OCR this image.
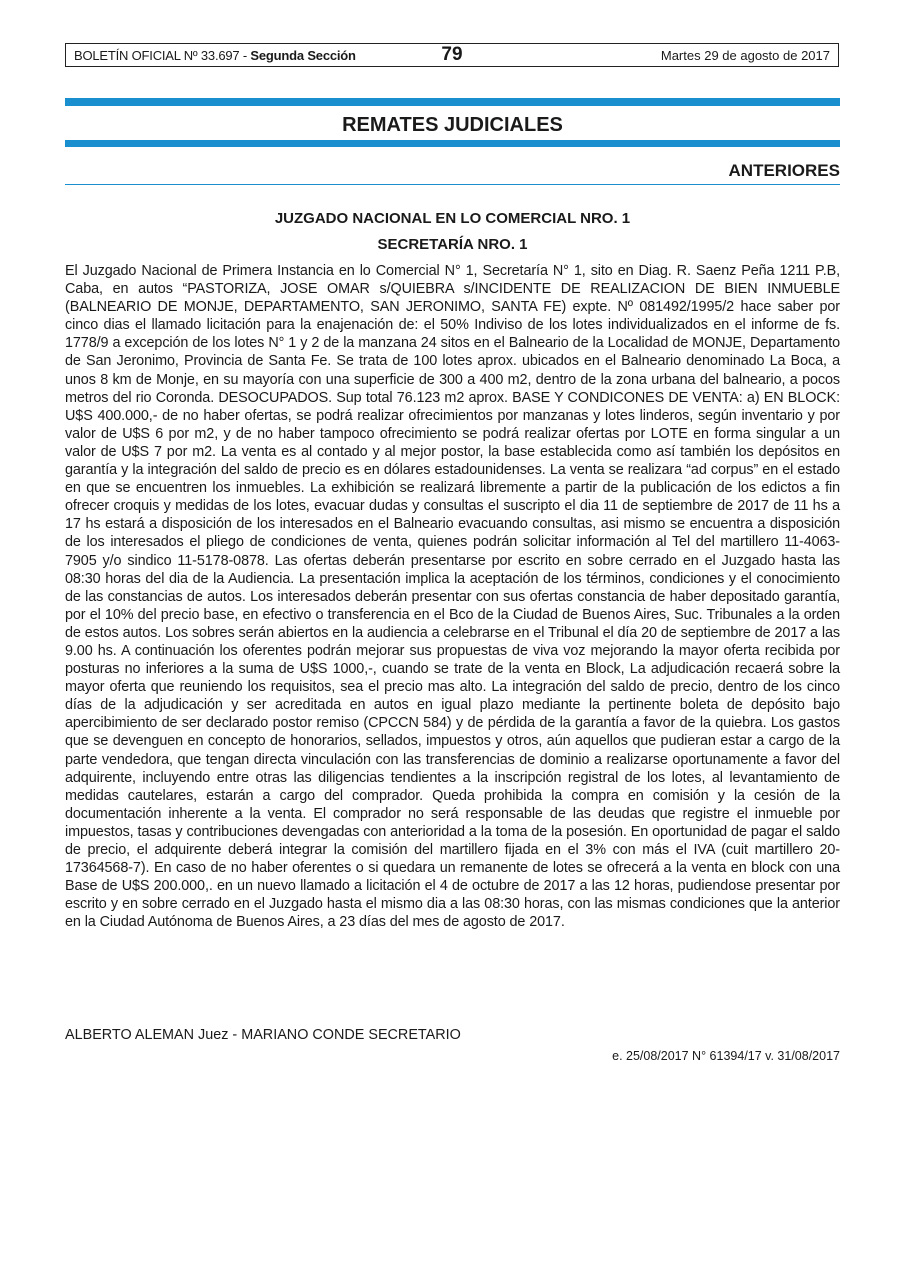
BOLETÍN OFICIAL Nº 33.697 - Segunda Sección	79	Martes 29 de agosto de 2017
REMATES JUDICIALES
ANTERIORES
JUZGADO NACIONAL EN LO COMERCIAL NRO. 1
SECRETARÍA NRO. 1
El Juzgado Nacional de Primera Instancia en lo Comercial N° 1, Secretaría N° 1, sito en Diag. R. Saenz Peña 1211 P.B, Caba, en autos “PASTORIZA, JOSE OMAR s/QUIEBRA s/INCIDENTE DE REALIZACION DE BIEN INMUEBLE (BALNEARIO DE MONJE, DEPARTAMENTO, SAN JERONIMO, SANTA FE) expte. Nº 081492/1995/2 hace saber por cinco dias el llamado licitación para la enajenación de: el 50% Indiviso de los lotes individualizados en el informe de fs. 1778/9 a excepción de los lotes N° 1 y 2 de la manzana 24 sitos en el Balneario de la Localidad de MONJE, Departamento de San Jeronimo, Provincia de Santa Fe. Se trata de 100 lotes aprox. ubicados en el Balneario denominado La Boca, a unos 8 km de Monje, en su mayoría con una superficie de 300 a 400 m2, dentro de la zona urbana del balneario, a pocos metros del rio Coronda. DESOCUPADOS. Sup total 76.123 m2 aprox. BASE Y CONDICONES DE VENTA: a) EN BLOCK: U$S 400.000,- de no haber ofertas, se podrá realizar ofrecimientos por manzanas y lotes linderos, según inventario y por valor de U$S 6 por m2, y de no haber tampoco ofrecimiento se podrá realizar ofertas por LOTE en forma singular a un valor de U$S 7 por m2. La venta es al contado y al mejor postor, la base establecida como así también los depósitos en garantía y la integración del saldo de precio es en dólares estadounidenses. La venta se realizara “ad corpus” en el estado en que se encuentren los inmuebles. La exhibición se realizará libremente a partir de la publicación de los edictos a fin ofrecer croquis y medidas de los lotes, evacuar dudas y consultas el suscripto el dia 11 de septiembre de 2017 de 11 hs a 17 hs estará a disposición de los interesados en el Balneario evacuando consultas, asi mismo se encuentra a disposición de los interesados el pliego de condiciones de venta, quienes podrán solicitar información al Tel del martillero 11-4063-7905 y/o sindico 11-5178-0878. Las ofertas deberán presentarse por escrito en sobre cerrado en el Juzgado hasta las 08:30 horas del dia de la Audiencia. La presentación implica la aceptación de los términos, condiciones y el conocimiento de las constancias de autos. Los interesados deberán presentar con sus ofertas constancia de haber depositado garantía, por el 10% del precio base, en efectivo o transferencia en el Bco de la Ciudad de Buenos Aires, Suc. Tribunales a la orden de estos autos. Los sobres serán abiertos en la audiencia a celebrarse en el Tribunal el día 20 de septiembre de 2017 a las 9.00 hs. A continuación los oferentes podrán mejorar sus propuestas de viva voz mejorando la mayor oferta recibida por posturas no inferiores a la suma de U$S 1000,-, cuando se trate de la venta en Block, La adjudicación recaerá sobre la mayor oferta que reuniendo los requisitos, sea el precio mas alto. La integración del saldo de precio, dentro de los cinco días de la adjudicación y ser acreditada en autos en igual plazo mediante la pertinente boleta de depósito bajo apercibimiento de ser declarado postor remiso (CPCCN 584) y de pérdida de la garantía a favor de la quiebra. Los gastos que se devenguen en concepto de honorarios, sellados, impuestos y otros, aún aquellos que pudieran estar a cargo de la parte vendedora, que tengan directa vinculación con las transferencias de dominio a realizarse oportunamente a favor del adquirente, incluyendo entre otras las diligencias tendientes a la inscripción registral de los lotes, al levantamiento de medidas cautelares, estarán a cargo del comprador. Queda prohibida la compra en comisión y la cesión de la documentación inherente a la venta. El comprador no será responsable de las deudas que registre el inmueble por impuestos, tasas y contribuciones devengadas con anterioridad a la toma de la posesión. En oportunidad de pagar el saldo de precio, el adquirente deberá integrar la comisión del martillero fijada en el 3% con más el IVA (cuit martillero 20-17364568-7). En caso de no haber oferentes o si quedara un remanente de lotes se ofrecerá a la venta en block con una Base de U$S 200.000,. en un nuevo llamado a licitación el 4 de octubre de 2017 a las 12 horas, pudiendose presentar por escrito y en sobre cerrado en el Juzgado hasta el mismo dia a las 08:30 horas, con las mismas condiciones que la anterior en la Ciudad Autónoma de Buenos Aires, a 23 días del mes de agosto de 2017.
ALBERTO ALEMAN Juez - MARIANO CONDE SECRETARIO
e. 25/08/2017 N° 61394/17 v. 31/08/2017
